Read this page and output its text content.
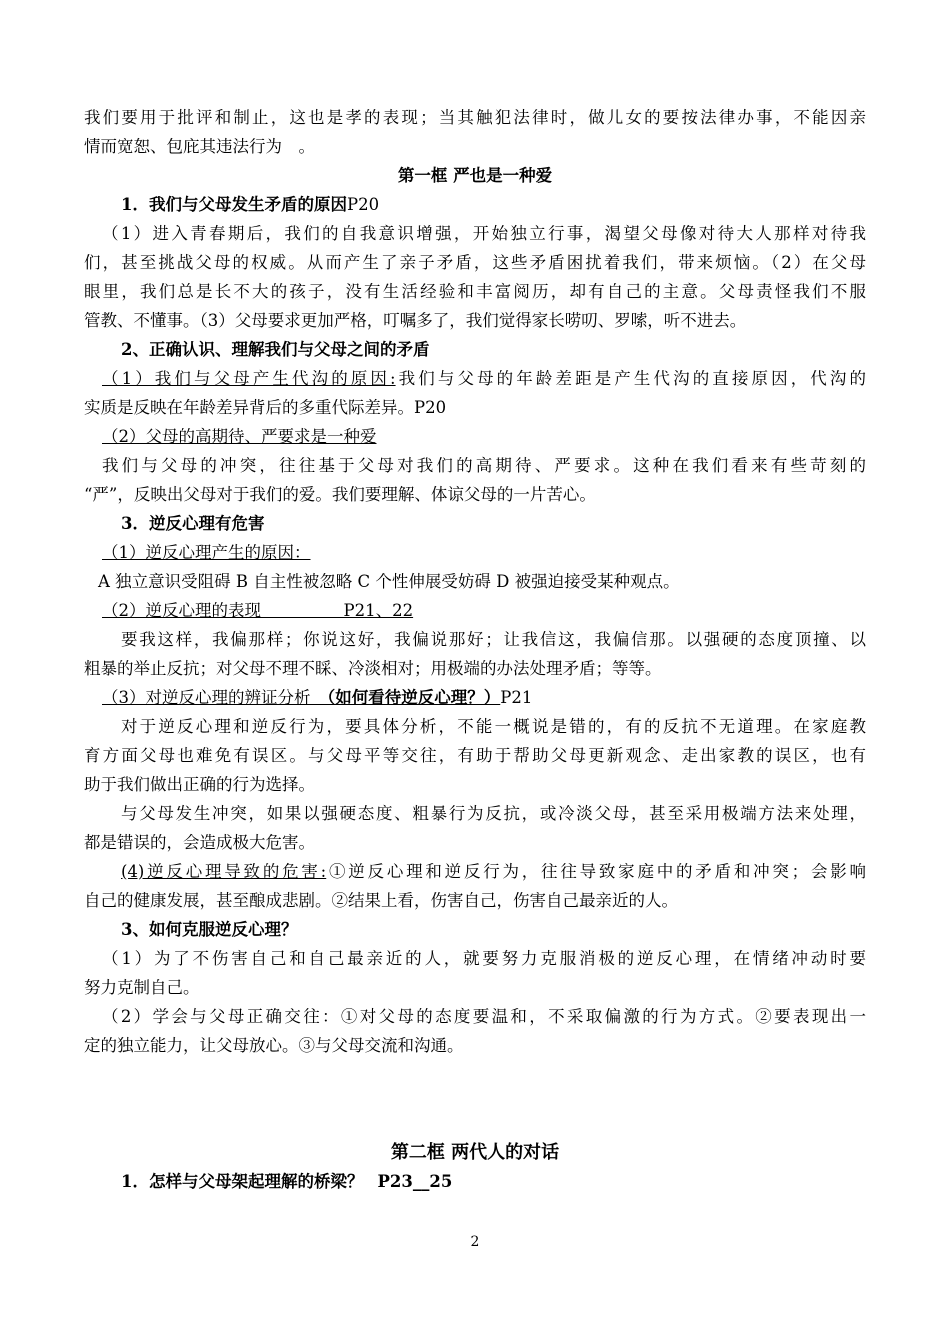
我们要用于批评和制止，这也是孝的表现；当其触犯法律时，做儿女的要按法律办事，不能因亲
情而宽恕、包庇其违法行为　。
第一框 严也是一种爱
1．我们与父母发生矛盾的原因P20
（1）进入青春期后，我们的自我意识增强，开始独立行事，渴望父母像对待大人那样对待我
们，甚至挑战父母的权威。从而产生了亲子矛盾，这些矛盾困扰着我们，带来烦恼。（2）在父母
眼里，我们总是长不大的孩子，没有生活经验和丰富阅历，却有自己的主意。父母责怪我们不服
管教、不懂事。（3）父母要求更加严格，叮嘱多了，我们觉得家长唠叨、罗嗦，听不进去。
2、正确认识、理解我们与父母之间的矛盾
（1）我们与父母产生代沟的原因:我们与父母的年龄差距是产生代沟的直接原因，代沟的
实质是反映在年龄差异背后的多重代际差异。P20
（2）父母的高期待、严要求是一种爱
我们与父母的冲突，往往基于父母对我们的高期待、严要求。这种在我们看来有些苛刻的
“严”，反映出父母对于我们的爱。我们要理解、体谅父母的一片苦心。
3．逆反心理有危害
（1）逆反心理产生的原因：
A 独立意识受阻碍 B 自主性被忽略 C 个性伸展受妨碍 D 被强迫接受某种观点。
（2）逆反心理的表现　　　　　P21、22
要我这样，我偏那样；你说这好，我偏说那好；让我信这，我偏信那。以强硬的态度顶撞、以
粗暴的举止反抗；对父母不理不睬、冷淡相对；用极端的办法处理矛盾；等等。
（3）对逆反心理的辨证分析　（如何看待逆反心理？）P21
对于逆反心理和逆反行为，要具体分析，不能一概说是错的，有的反抗不无道理。在家庭教
育方面父母也难免有误区。与父母平等交往，有助于帮助父母更新观念、走出家教的误区，也有
助于我们做出正确的行为选择。
与父母发生冲突，如果以强硬态度、粗暴行为反抗，或冷淡父母，甚至采用极端方法来处理，
都是错误的，会造成极大危害。
(4)逆反心理导致的危害:①逆反心理和逆反行为，往往导致家庭中的矛盾和冲突；会影响
自己的健康发展，甚至酿成悲剧。②结果上看，伤害自己，伤害自己最亲近的人。
3、如何克服逆反心理？
（1）为了不伤害自己和自己最亲近的人，就要努力克服消极的逆反心理，在情绪冲动时要
努力克制自己。
（2）学会与父母正确交往：①对父母的态度要温和，不采取偏激的行为方式。②要表现出一
定的独立能力，让父母放心。③与父母交流和沟通。
第二框 两代人的对话
1．怎样与父母架起理解的桥梁？ P23__25
2
